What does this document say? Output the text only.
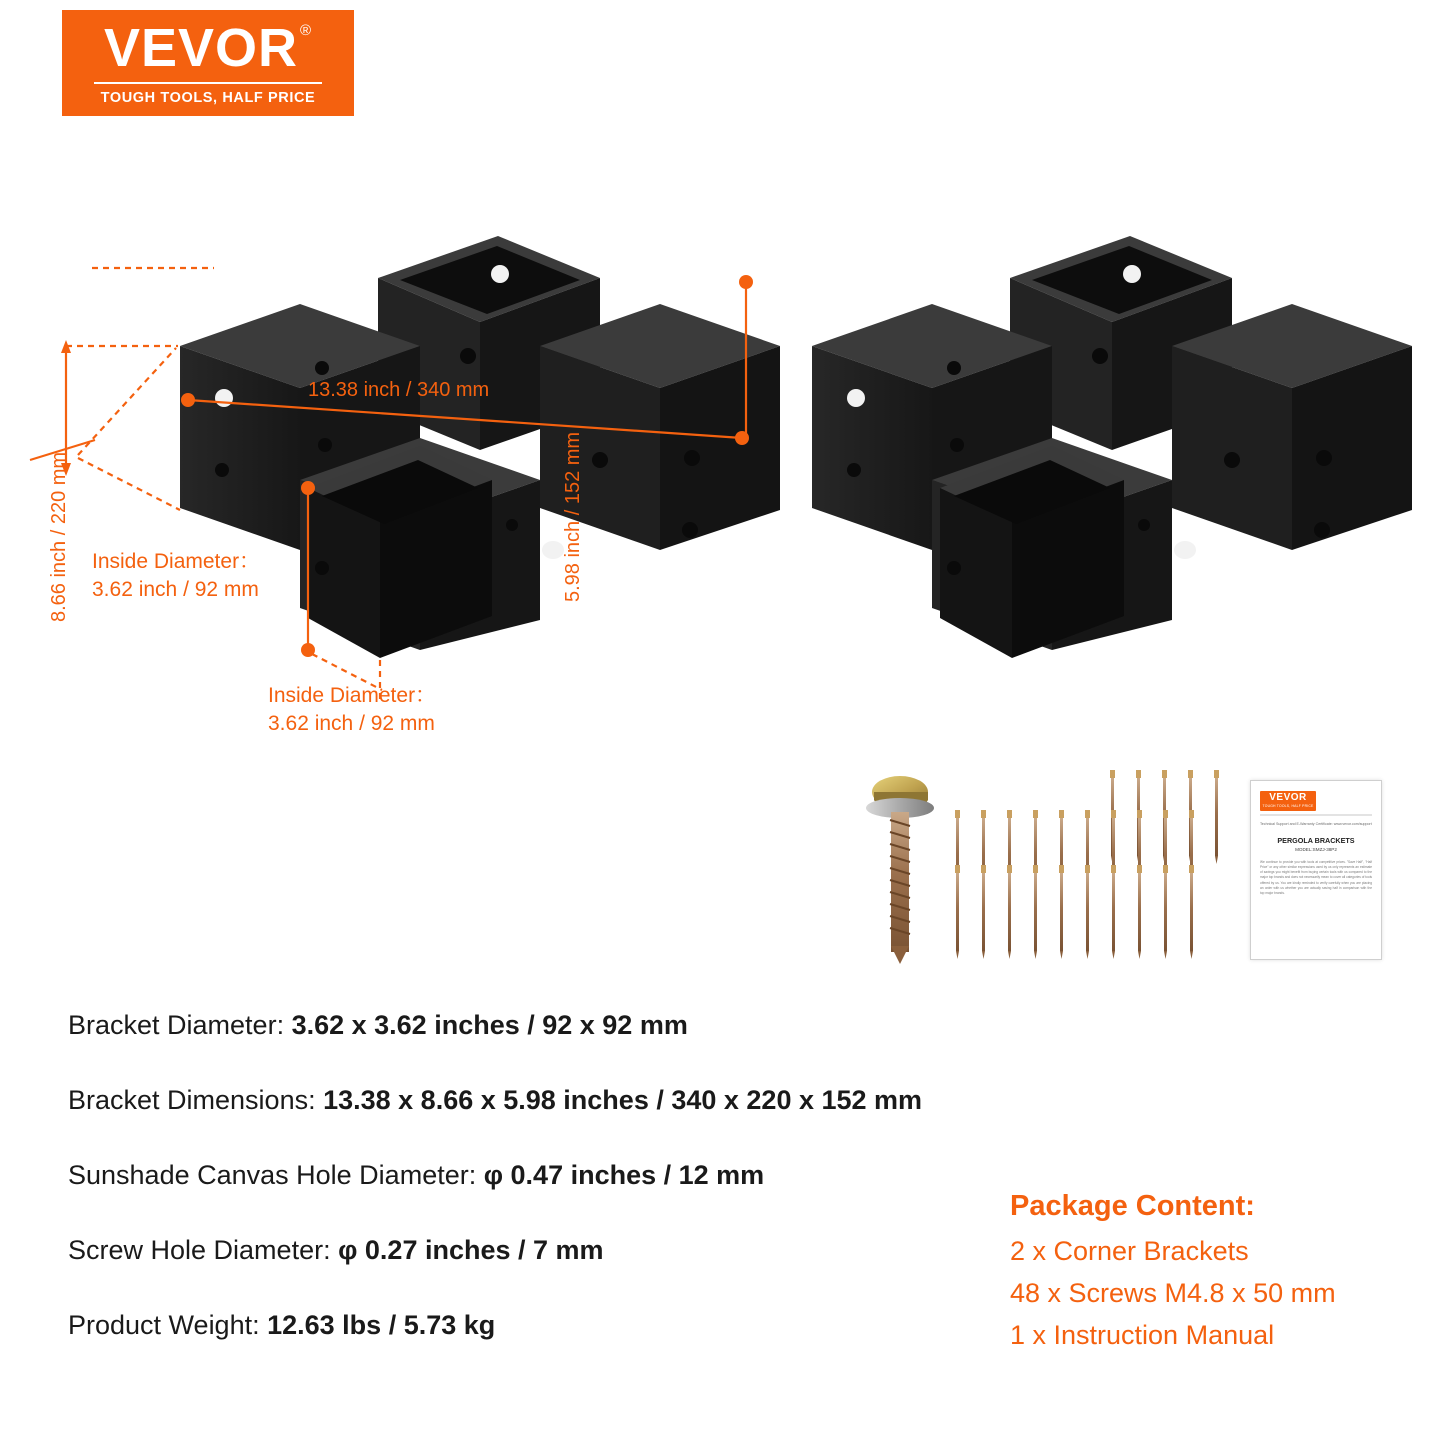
VEVOR ®
TOUGH TOOLS, HALF PRICE
8.66 inch / 220 mm
13.38 inch / 340 mm
5.98 inch / 152 mm
Inside Diameter：
3.62 inch / 92 mm
Inside Diameter：
3.62 inch / 92 mm
VEVOR
TOUGH TOOLS, HALF PRICE
Technical Support and E-Warranty Certificate: www.vevor.com/support
PERGOLA BRACKETS
MODEL:SMZJ-38P2
We continue to provide you with tools at competitive prices. "Save Half", "Half Price" or any other similar expressions used by us only represents an estimate of savings you might benefit from buying certain tools with us compared to the major top brands and does not necessarily mean to cover all categories of tools offered by us. You are kindly reminded to verify carefully when you are placing an order with us whether you are actually saving half in comparison with the top major brands.
Bracket Diameter: 3.62 x 3.62 inches / 92 x 92 mm
Bracket Dimensions: 13.38 x 8.66 x 5.98 inches / 340 x 220 x 152 mm
Sunshade Canvas Hole Diameter: φ 0.47 inches / 12 mm
Screw Hole Diameter: φ 0.27 inches / 7 mm
Product Weight: 12.63 lbs / 5.73 kg
Package Content:
2 x Corner Brackets
48 x Screws M4.8 x 50 mm
1 x Instruction Manual
